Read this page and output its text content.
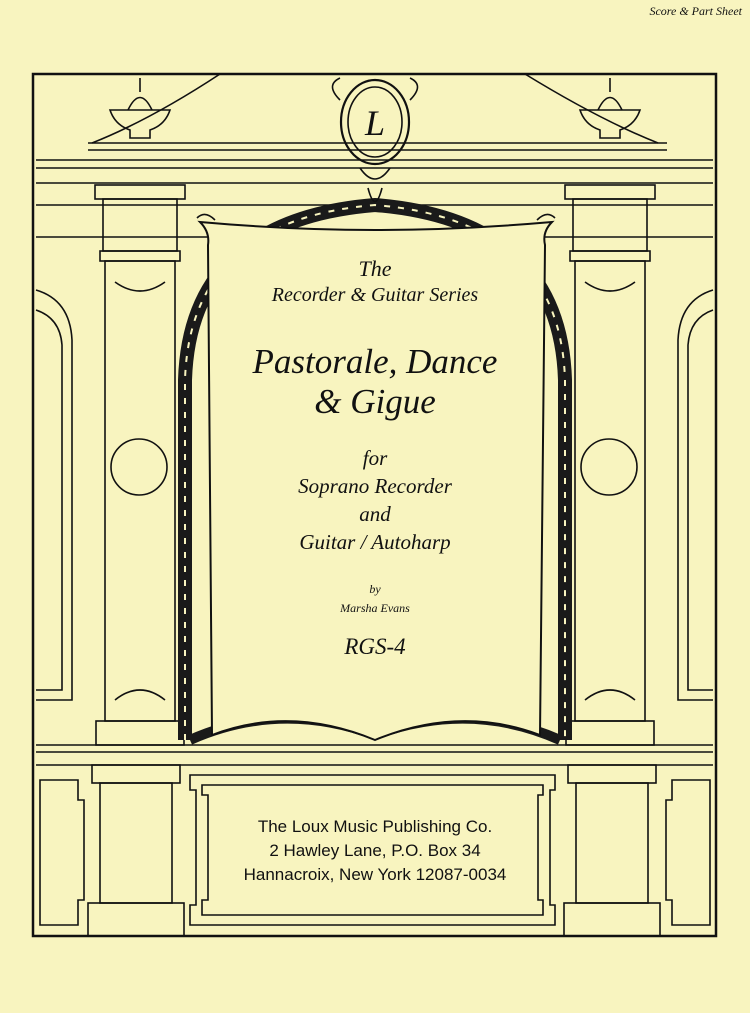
Score & Part Sheet
L
The
Recorder & Guitar Series
Pastorale, Dance
& Gigue
for
Soprano Recorder
and
Guitar / Autoharp
by
Marsha Evans
RGS-4
The Loux Music Publishing Co.
2 Hawley Lane, P.O. Box 34
Hannacroix, New York 12087-0034
